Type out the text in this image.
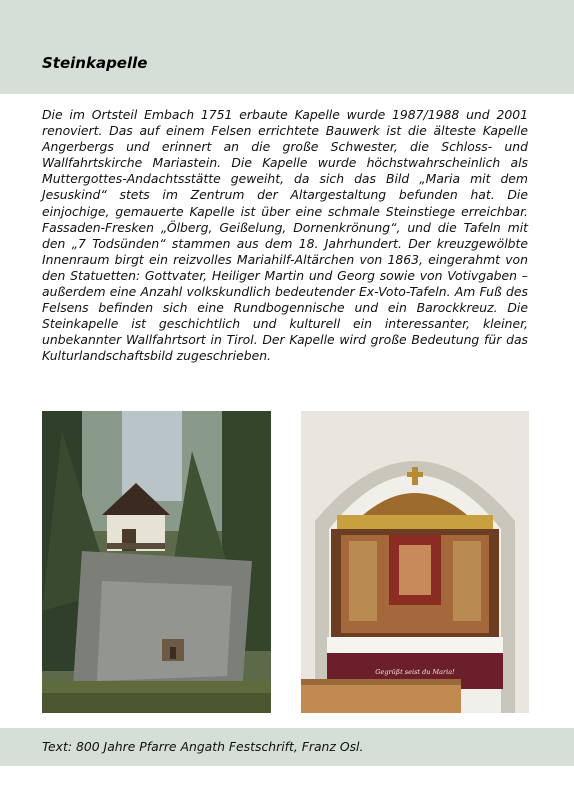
Steinkapelle

Die im Ortsteil Embach 1751 erbaute Kapelle wurde 1987/1988 und 2001 renoviert. Das auf einem Felsen errichtete Bauwerk ist die älteste Kapelle Angerbergs und erinnert an die große Schwester, die Schloss- und Wallfahrtskirche Mariastein. Die Kapelle wurde höchstwahrscheinlich als Muttergottes-Andachtsstätte geweiht, da sich das Bild „Maria mit dem Jesuskind“ stets im Zentrum der Altargestaltung befunden hat. Die einjochige, gemauerte Kapelle ist über eine schmale Steinstiege erreichbar. Fassaden-Fresken „Ölberg, Geißelung, Dornenkrönung“, und die Tafeln mit den „7 Todsünden“ stammen aus dem 18. Jahrhundert. Der kreuzgewölbte Innenraum birgt ein reizvolles Mariahilf-Altärchen von 1863, eingerahmt von den Statuetten: Gottvater, Heiliger Martin und Georg sowie von Votivgaben – außerdem eine Anzahl volkskundlich bedeutender Ex-Voto-Tafeln. Am Fuß des Felsens befinden sich eine Rundbogennische und ein Barockkreuz. Die Steinkapelle ist geschichtlich und kulturell ein interessanter, kleiner, unbekannter Wallfahrtsort in Tirol. Der Kapelle wird große Bedeutung für das Kulturlandschaftsbild zugeschrieben.

Gegrüßt seist du Maria!

Text: 800 Jahre Pfarre Angath Festschrift, Franz Osl.
